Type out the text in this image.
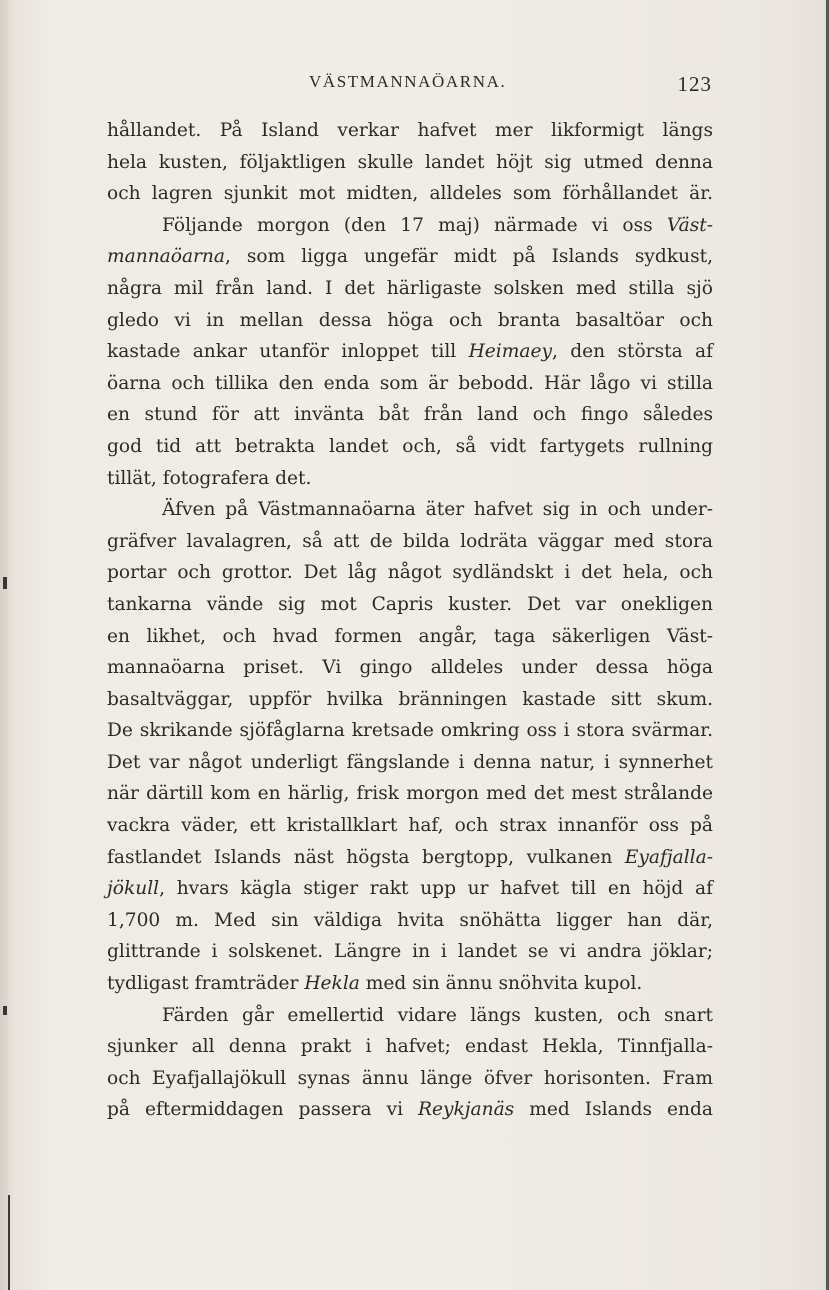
VÄSTMANNAÖARNA.	123
hållandet. På Island verkar hafvet mer likformigt längs
hela kusten, följaktligen skulle landet höjt sig utmed denna
och lagren sjunkit mot midten, alldeles som förhållandet är.
Följande morgon (den 17 maj) närmade vi oss Väst-
mannaöarna, som ligga ungefär midt på Islands sydkust,
några mil från land. I det härligaste solsken med stilla sjö
gledo vi in mellan dessa höga och branta basaltöar och
kastade ankar utanför inloppet till Heimaey, den största af
öarna och tillika den enda som är bebodd. Här lågo vi stilla
en stund för att invänta båt från land och fingo således
god tid att betrakta landet och, så vidt fartygets rullning
tillät, fotografera det.
Äfven på Västmannaöarna äter hafvet sig in och under-
gräfver lavalagren, så att de bilda lodräta väggar med stora
portar och grottor. Det låg något sydländskt i det hela, och
tankarna vände sig mot Capris kuster. Det var onekligen
en likhet, och hvad formen angår, taga säkerligen Väst-
mannaöarna priset. Vi gingo alldeles under dessa höga
basaltväggar, uppför hvilka bränningen kastade sitt skum.
De skrikande sjöfåglarna kretsade omkring oss i stora svärmar.
Det var något underligt fängslande i denna natur, i synnerhet
när därtill kom en härlig, frisk morgon med det mest strålande
vackra väder, ett kristallklart haf, och strax innanför oss på
fastlandet Islands näst högsta bergtopp, vulkanen Eyafjalla-
jökull, hvars kägla stiger rakt upp ur hafvet till en höjd af
1,700 m. Med sin väldiga hvita snöhätta ligger han där,
glittrande i solskenet. Längre in i landet se vi andra jöklar;
tydligast framträder Hekla med sin ännu snöhvita kupol.
Färden går emellertid vidare längs kusten, och snart
sjunker all denna prakt i hafvet; endast Hekla, Tinnfjalla-
och Eyafjallajökull synas ännu länge öfver horisonten. Fram
på eftermiddagen passera vi Reykjanäs med Islands enda
